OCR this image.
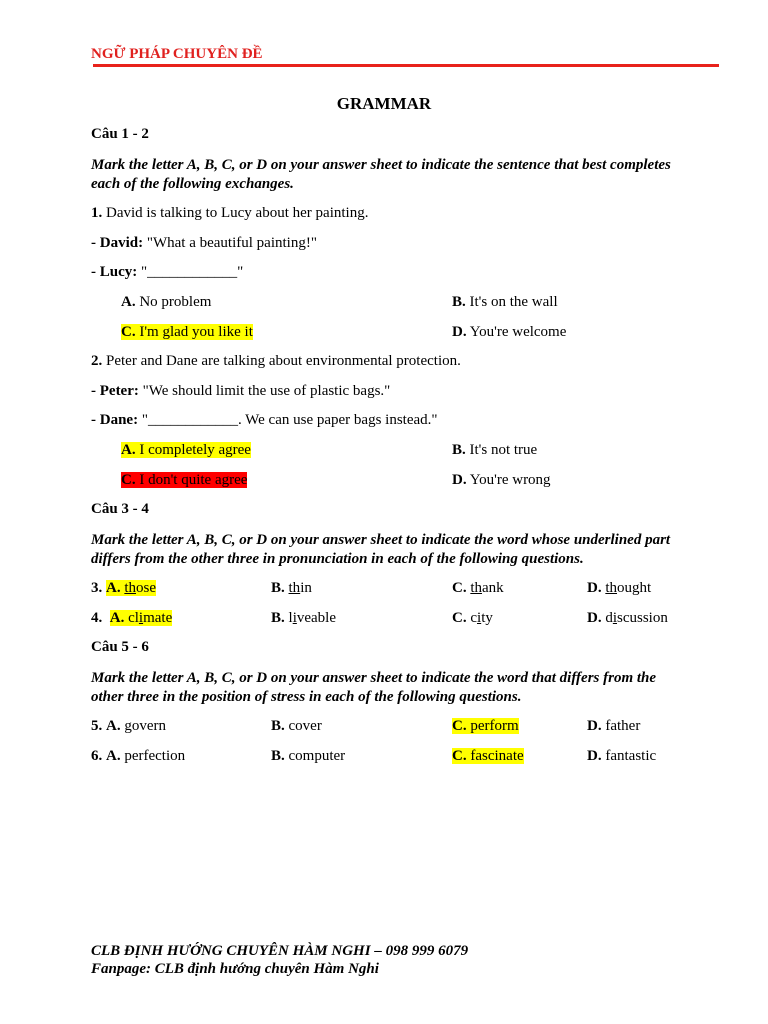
NGỮ PHÁP CHUYÊN ĐỀ
GRAMMAR
Câu 1 - 2
Mark the letter A, B, C, or D on your answer sheet to indicate the sentence that best completes each of the following exchanges.
1. David is talking to Lucy about her painting.
- David: "What a beautiful painting!"
- Lucy: "____________"
A. No problem	B. It's on the wall
C. I'm glad you like it	D. You're welcome
2. Peter and Dane are talking about environmental protection.
- Peter: "We should limit the use of plastic bags."
- Dane: "____________. We can use paper bags instead."
A. I completely agree	B. It's not true
C. I don't quite agree	D. You're wrong
Câu 3 - 4
Mark the letter A, B, C, or D on your answer sheet to indicate the word whose underlined part differs from the other three in pronunciation in each of the following questions.
3. A. those	B. thin	C. thank	D. thought
4. A. climate	B. liveable	C. city	D. discussion
Câu 5 - 6
Mark the letter A, B, C, or D on your answer sheet to indicate the word that differs from the other three in the position of stress in each of the following questions.
5. A. govern	B. cover	C. perform	D. father
6. A. perfection	B. computer	C. fascinate	D. fantastic
CLB ĐỊNH HƯỚNG CHUYÊN HÀM NGHI – 098 999 6079
Fanpage: CLB định hướng chuyên Hàm Nghi
